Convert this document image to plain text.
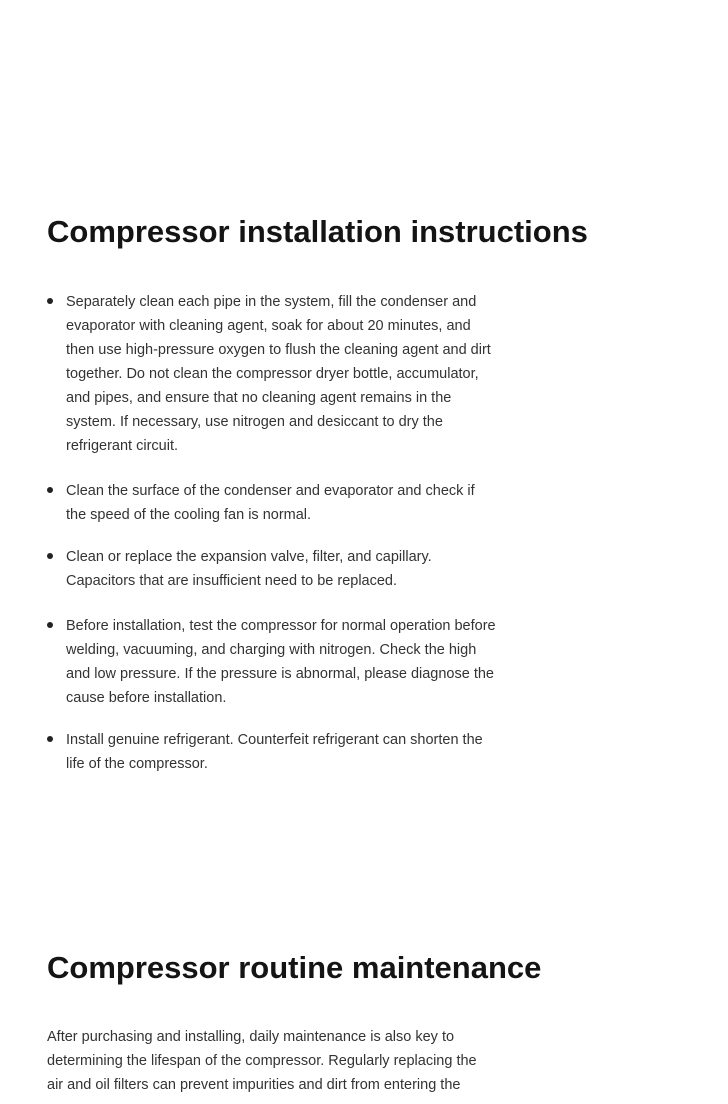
Compressor installation instructions
Separately clean each pipe in the system, fill the condenser and evaporator with cleaning agent, soak for about 20 minutes, and then use high-pressure oxygen to flush the cleaning agent and dirt together. Do not clean the compressor dryer bottle, accumulator, and pipes, and ensure that no cleaning agent remains in the system. If necessary, use nitrogen and desiccant to dry the refrigerant circuit.
Clean the surface of the condenser and evaporator and check if the speed of the cooling fan is normal.
Clean or replace the expansion valve, filter, and capillary. Capacitors that are insufficient need to be replaced.
Before installation, test the compressor for normal operation before welding, vacuuming, and charging with nitrogen. Check the high and low pressure. If the pressure is abnormal, please diagnose the cause before installation.
Install genuine refrigerant. Counterfeit refrigerant can shorten the life of the compressor.
Compressor routine maintenance

After purchasing and installing, daily maintenance is also key to determining the lifespan of the compressor. Regularly replacing the air and oil filters can prevent impurities and dirt from entering the
